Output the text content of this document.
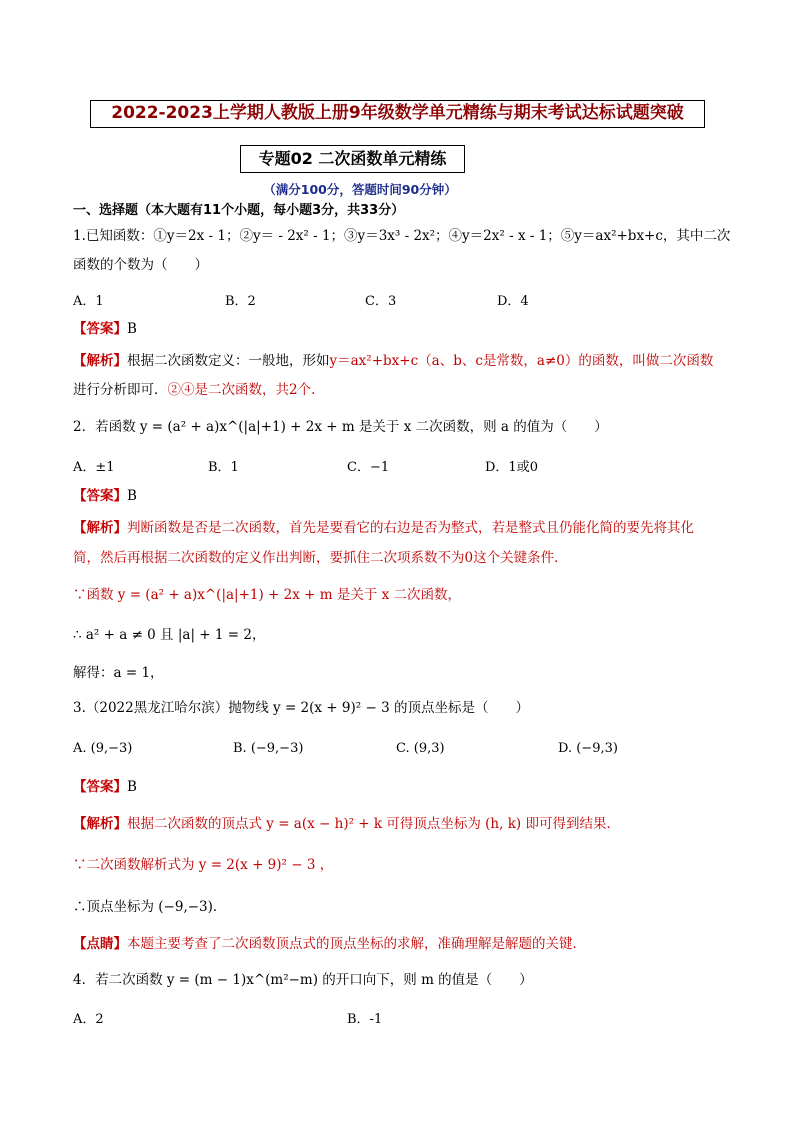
2022-2023上学期人教版上册9年级数学单元精练与期末考试达标试题突破
专题02 二次函数单元精练
（满分100分，答题时间90分钟）
一、选择题（本大题有11个小题，每小题3分，共33分）
1.已知函数：①y＝2x - 1；②y＝ - 2x² - 1；③y＝3x³ - 2x²；④y＝2x² - x - 1；⑤y＝ax²+bx+c，其中二次
函数的个数为（　　）
A．1	B．2	C．3	D．4
【答案】B
【解析】根据二次函数定义：一般地，形如y＝ax²+bx+c（a、b、c是常数，a≠0）的函数，叫做二次函数
进行分析即可．②④是二次函数，共2个.
2．若函数 y = (a² + a)x^(|a|+1) + 2x + m 是关于 x 二次函数，则 a 的值为（　　）
A．±1	B．1	C．−1	D．1或0
【答案】B
【解析】判断函数是否是二次函数，首先是要看它的右边是否为整式，若是整式且仍能化简的要先将其化
简，然后再根据二次函数的定义作出判断，要抓住二次项系数不为0这个关键条件．
∵函数 y = (a² + a)x^(|a|+1) + 2x + m 是关于 x 二次函数，
∴ a² + a ≠ 0 且 |a| + 1 = 2，
解得：a = 1，
3.（2022黑龙江哈尔滨）抛物线 y = 2(x + 9)² − 3 的顶点坐标是（　　）
A. (9,−3)	B. (−9,−3)	C. (9,3)	D. (−9,3)
【答案】B
【解析】根据二次函数的顶点式 y = a(x − h)² + k 可得顶点坐标为 (h, k) 即可得到结果．
∵二次函数解析式为 y = 2(x + 9)² − 3 ，
∴顶点坐标为 (−9,−3)．
【点睛】本题主要考查了二次函数顶点式的顶点坐标的求解，准确理解是解题的关键．
4．若二次函数 y = (m − 1)x^(m²−m) 的开口向下，则 m 的值是（　　）
A．2	B．-1
